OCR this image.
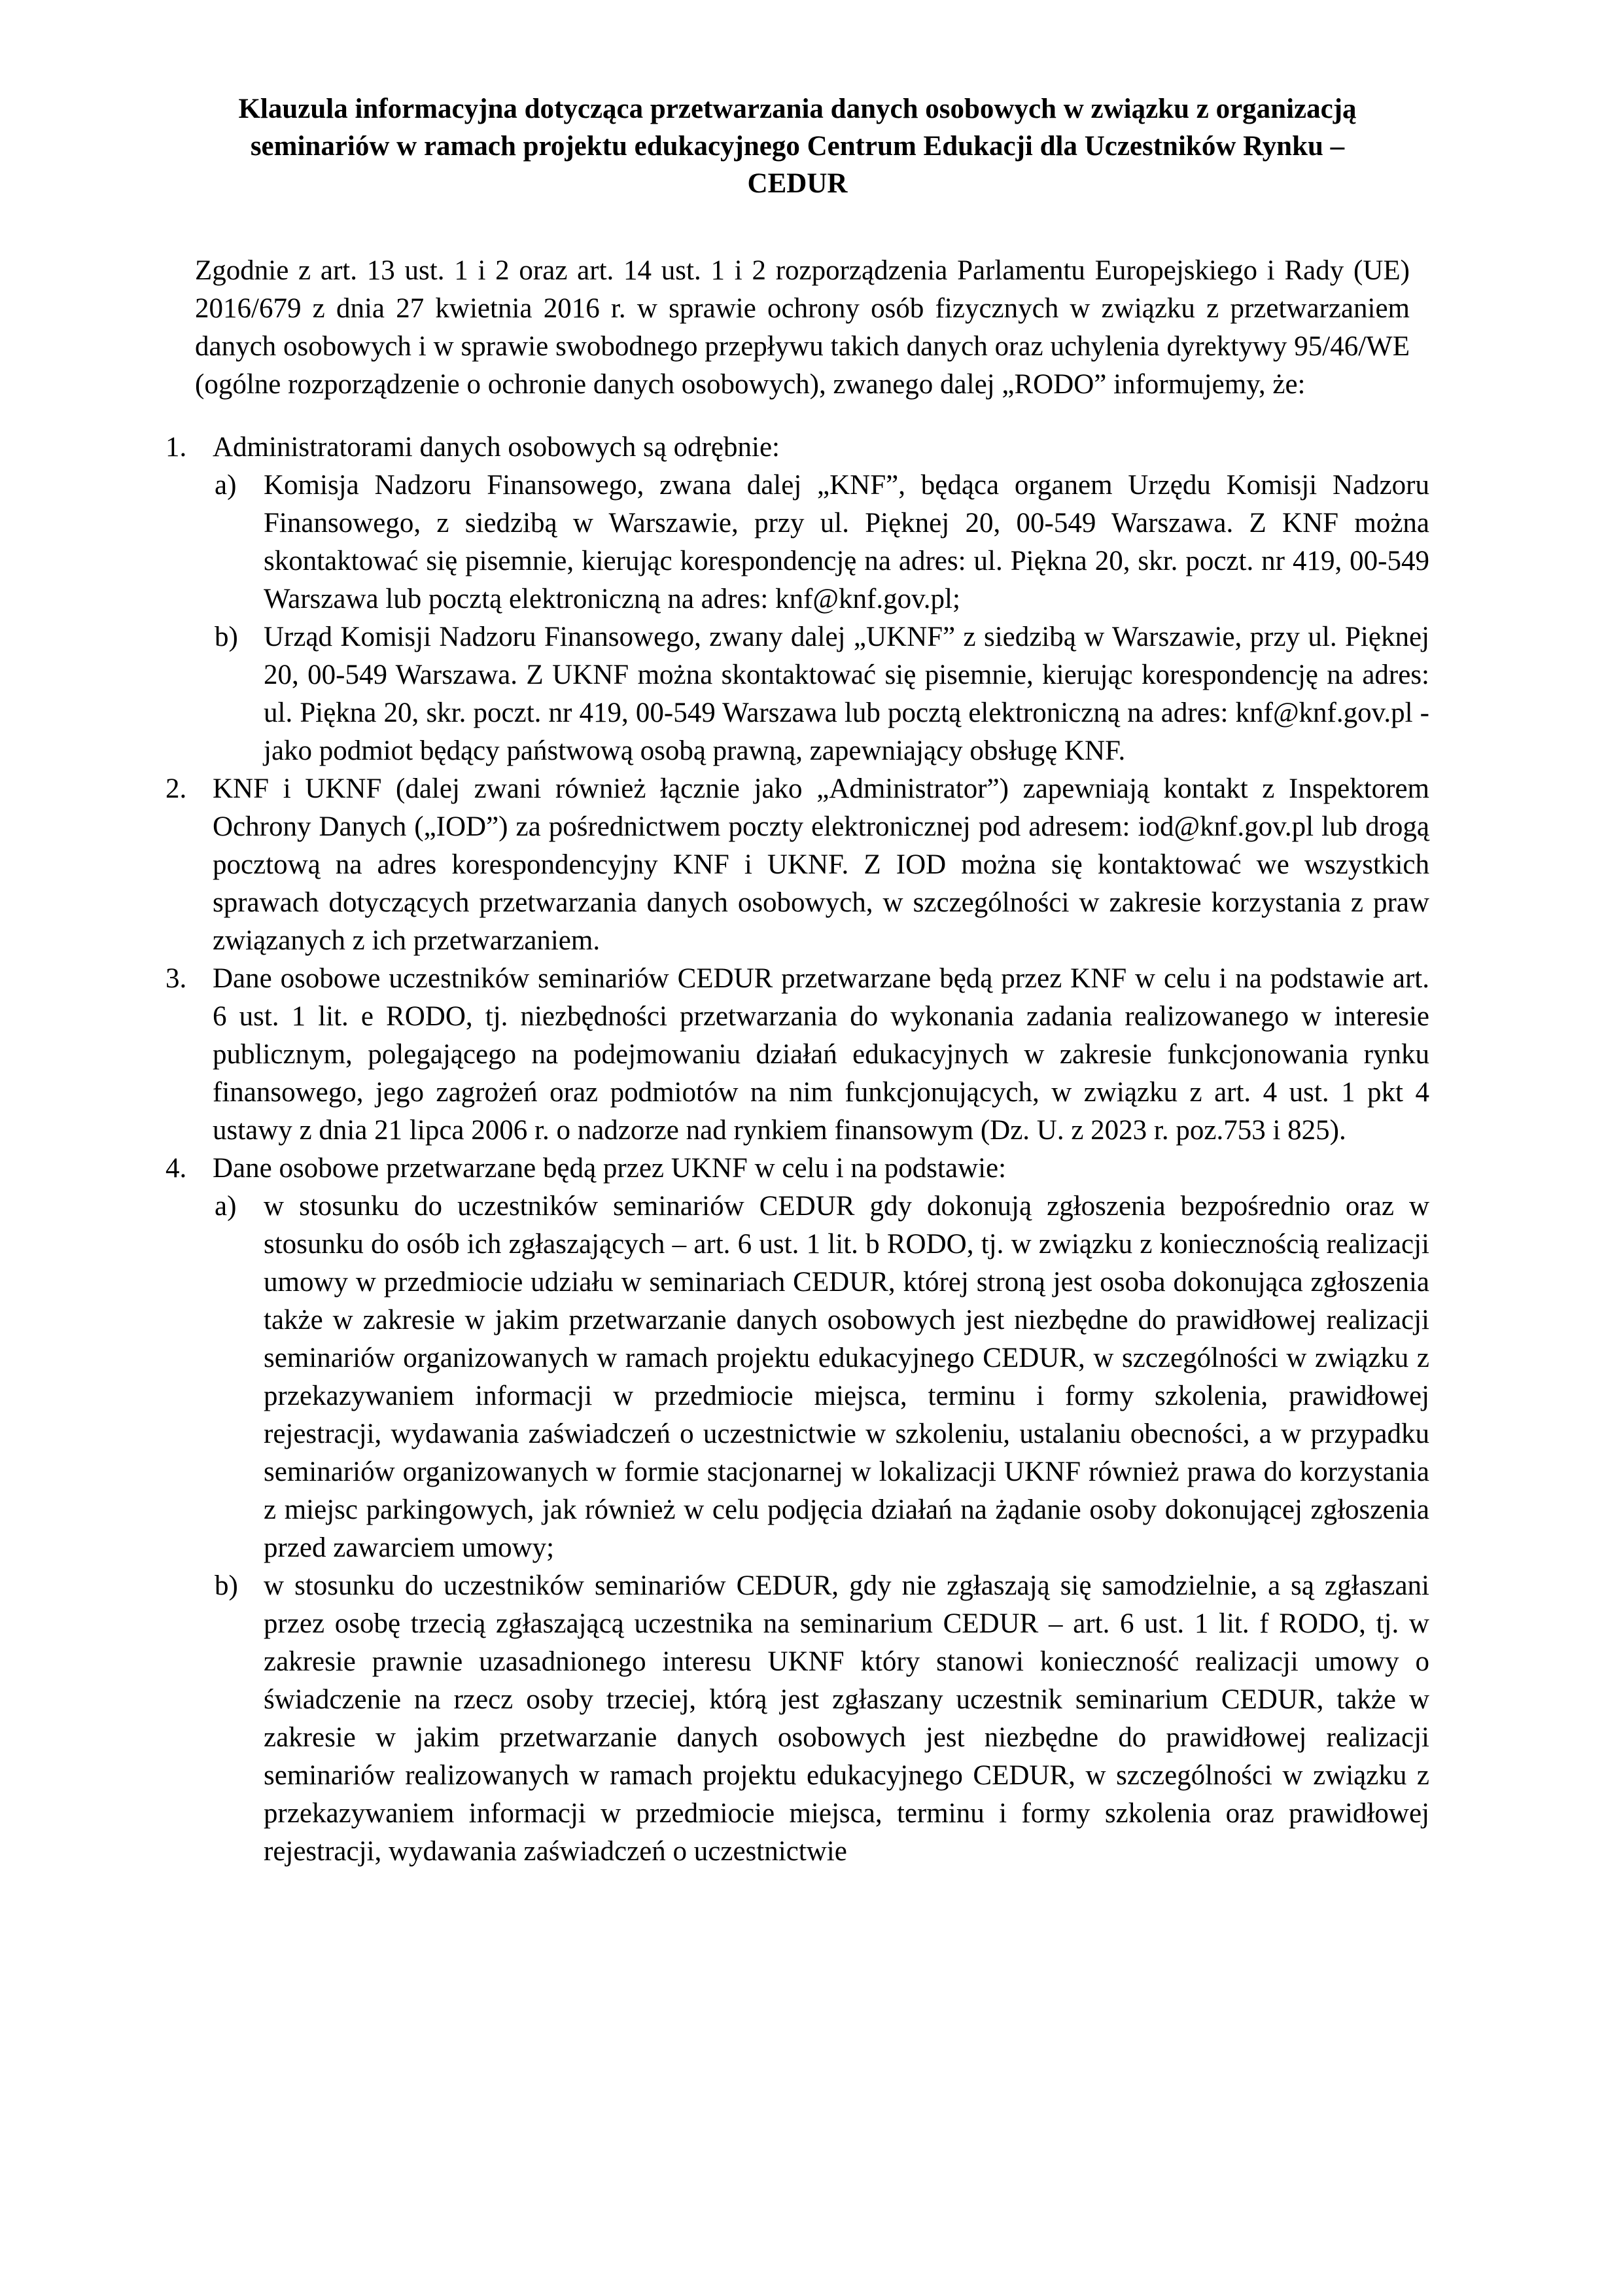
Klauzula informacyjna dotycząca przetwarzania danych osobowych w związku z organizacją
seminariów w ramach projektu edukacyjnego Centrum Edukacji dla Uczestników Rynku –
CEDUR

Zgodnie z art. 13 ust. 1 i 2 oraz art. 14 ust. 1 i 2 rozporządzenia Parlamentu Europejskiego i Rady (UE) 2016/679 z dnia 27 kwietnia 2016 r. w sprawie ochrony osób fizycznych w związku z przetwarzaniem danych osobowych i w sprawie swobodnego przepływu takich danych oraz uchylenia dyrektywy 95/46/WE (ogólne rozporządzenie o ochronie danych osobowych), zwanego dalej „RODO” informujemy, że:

1. Administratorami danych osobowych są odrębnie:
a) Komisja Nadzoru Finansowego, zwana dalej „KNF”, będąca organem Urzędu Komisji Nadzoru Finansowego, z siedzibą w Warszawie, przy ul. Pięknej 20, 00-549 Warszawa. Z KNF można skontaktować się pisemnie, kierując korespondencję na adres: ul. Piękna 20, skr. poczt. nr 419, 00-549 Warszawa lub pocztą elektroniczną na adres: knf@knf.gov.pl;
b) Urząd Komisji Nadzoru Finansowego, zwany dalej „UKNF” z siedzibą w Warszawie, przy ul. Pięknej 20, 00-549 Warszawa. Z UKNF można skontaktować się pisemnie, kierując korespondencję na adres: ul. Piękna 20, skr. poczt. nr 419, 00-549 Warszawa lub pocztą elektroniczną na adres: knf@knf.gov.pl - jako podmiot będący państwową osobą prawną, zapewniający obsługę KNF.
2. KNF i UKNF (dalej zwani również łącznie jako „Administrator”) zapewniają kontakt z Inspektorem Ochrony Danych („IOD”) za pośrednictwem poczty elektronicznej pod adresem: iod@knf.gov.pl lub drogą pocztową na adres korespondencyjny KNF i UKNF. Z IOD można się kontaktować we wszystkich sprawach dotyczących przetwarzania danych osobowych, w szczególności w zakresie korzystania z praw związanych z ich przetwarzaniem.
3. Dane osobowe uczestników seminariów CEDUR przetwarzane będą przez KNF w celu i na podstawie art. 6 ust. 1 lit. e RODO, tj. niezbędności przetwarzania do wykonania zadania realizowanego w interesie publicznym, polegającego na podejmowaniu działań edukacyjnych w zakresie funkcjonowania rynku finansowego, jego zagrożeń oraz podmiotów na nim funkcjonujących, w związku z art. 4 ust. 1 pkt 4 ustawy z dnia 21 lipca 2006 r. o nadzorze nad rynkiem finansowym (Dz. U. z 2023 r. poz.753 i 825).
4. Dane osobowe przetwarzane będą przez UKNF w celu i na podstawie:
a) w stosunku do uczestników seminariów CEDUR gdy dokonują zgłoszenia bezpośrednio oraz w stosunku do osób ich zgłaszających – art. 6 ust. 1 lit. b RODO, tj. w związku z koniecznością realizacji umowy w przedmiocie udziału w seminariach CEDUR, której stroną jest osoba dokonująca zgłoszenia także w zakresie w jakim przetwarzanie danych osobowych jest niezbędne do prawidłowej realizacji seminariów organizowanych w ramach projektu edukacyjnego CEDUR, w szczególności w związku z przekazywaniem informacji w przedmiocie miejsca, terminu i formy szkolenia, prawidłowej rejestracji, wydawania zaświadczeń o uczestnictwie w szkoleniu, ustalaniu obecności, a w przypadku seminariów organizowanych w formie stacjonarnej w lokalizacji UKNF również prawa do korzystania z miejsc parkingowych, jak również w celu podjęcia działań na żądanie osoby dokonującej zgłoszenia przed zawarciem umowy;
b) w stosunku do uczestników seminariów CEDUR, gdy nie zgłaszają się samodzielnie, a są zgłaszani przez osobę trzecią zgłaszającą uczestnika na seminarium CEDUR – art. 6 ust. 1 lit. f RODO, tj. w zakresie prawnie uzasadnionego interesu UKNF który stanowi konieczność realizacji umowy o świadczenie na rzecz osoby trzeciej, którą jest zgłaszany uczestnik seminarium CEDUR, także w zakresie w jakim przetwarzanie danych osobowych jest niezbędne do prawidłowej realizacji seminariów realizowanych w ramach projektu edukacyjnego CEDUR, w szczególności w związku z przekazywaniem informacji w przedmiocie miejsca, terminu i formy szkolenia oraz prawidłowej rejestracji, wydawania zaświadczeń o uczestnictwie
